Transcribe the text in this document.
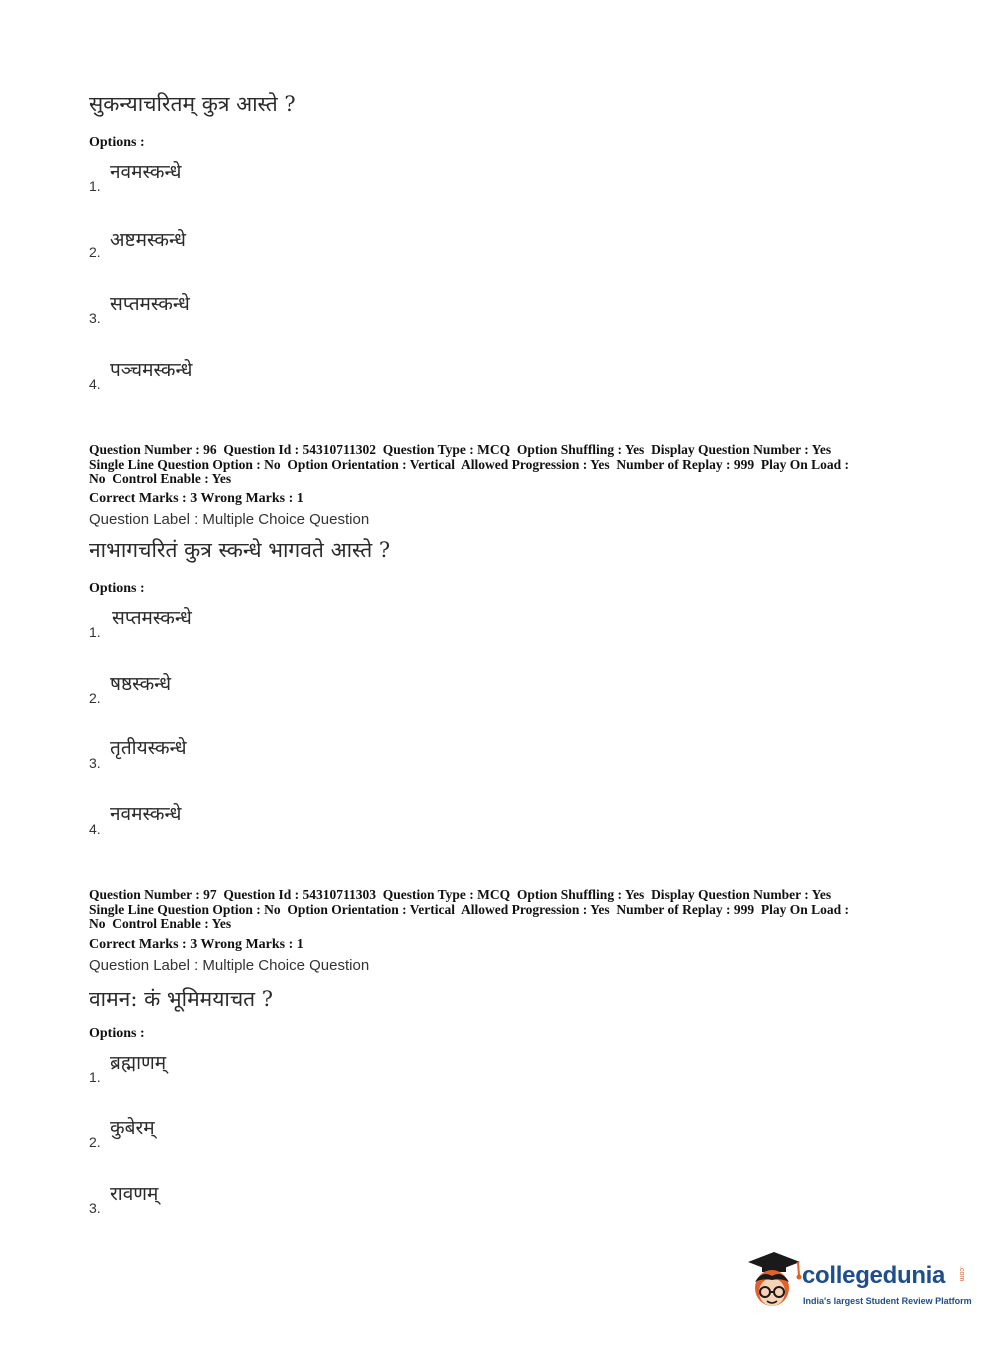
सुकन्याचरितम् कुत्र आस्ते ?
Options :
नवमस्कन्धे
1.
अष्टमस्कन्धे
2.
सप्तमस्कन्धे
3.
पञ्चमस्कन्धे
4.
Question Number : 96  Question Id : 54310711302  Question Type : MCQ  Option Shuffling : Yes  Display Question Number : Yes
Single Line Question Option : No  Option Orientation : Vertical  Allowed Progression : Yes  Number of Replay : 999  Play On Load :
No  Control Enable : Yes
Correct Marks : 3 Wrong Marks : 1
Question Label : Multiple Choice Question
नाभागचरितं कुत्र स्कन्धे भागवते आस्ते ?
Options :
सप्तमस्कन्धे
1.
षष्ठस्कन्धे
2.
तृतीयस्कन्धे
3.
नवमस्कन्धे
4.
Question Number : 97  Question Id : 54310711303  Question Type : MCQ  Option Shuffling : Yes  Display Question Number : Yes
Single Line Question Option : No  Option Orientation : Vertical  Allowed Progression : Yes  Number of Replay : 999  Play On Load :
No  Control Enable : Yes
Correct Marks : 3 Wrong Marks : 1
Question Label : Multiple Choice Question
वामन: कं भूमिमयाचत ?
Options :
ब्रह्माणम्
1.
कुबेरम्
2.
रावणम्
3.
collegedunia .com
India's largest Student Review Platform
